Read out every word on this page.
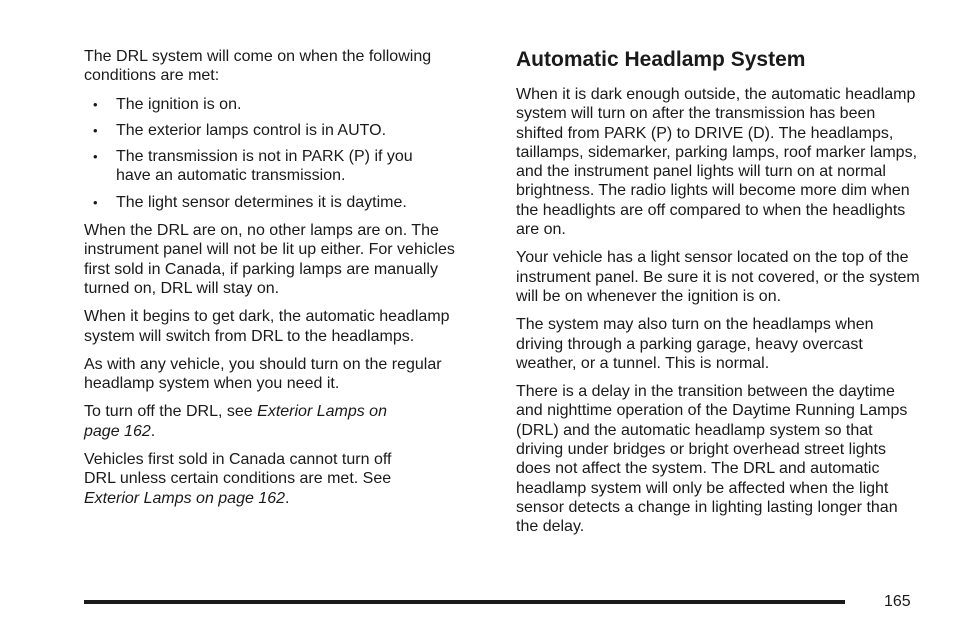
The DRL system will come on when the following conditions are met:

• The ignition is on.
• The exterior lamps control is in AUTO.
• The transmission is not in PARK (P) if you have an automatic transmission.
• The light sensor determines it is daytime.

When the DRL are on, no other lamps are on. The instrument panel will not be lit up either. For vehicles first sold in Canada, if parking lamps are manually turned on, DRL will stay on.

When it begins to get dark, the automatic headlamp system will switch from DRL to the headlamps.

As with any vehicle, you should turn on the regular headlamp system when you need it.

To turn off the DRL, see Exterior Lamps on page 162.

Vehicles first sold in Canada cannot turn off DRL unless certain conditions are met. See Exterior Lamps on page 162.

Automatic Headlamp System

When it is dark enough outside, the automatic headlamp system will turn on after the transmission has been shifted from PARK (P) to DRIVE (D). The headlamps, taillamps, sidemarker, parking lamps, roof marker lamps, and the instrument panel lights will turn on at normal brightness. The radio lights will become more dim when the headlights are off compared to when the headlights are on.

Your vehicle has a light sensor located on the top of the instrument panel. Be sure it is not covered, or the system will be on whenever the ignition is on.

The system may also turn on the headlamps when driving through a parking garage, heavy overcast weather, or a tunnel. This is normal.

There is a delay in the transition between the daytime and nighttime operation of the Daytime Running Lamps (DRL) and the automatic headlamp system so that driving under bridges or bright overhead street lights does not affect the system. The DRL and automatic headlamp system will only be affected when the light sensor detects a change in lighting lasting longer than the delay.

165
